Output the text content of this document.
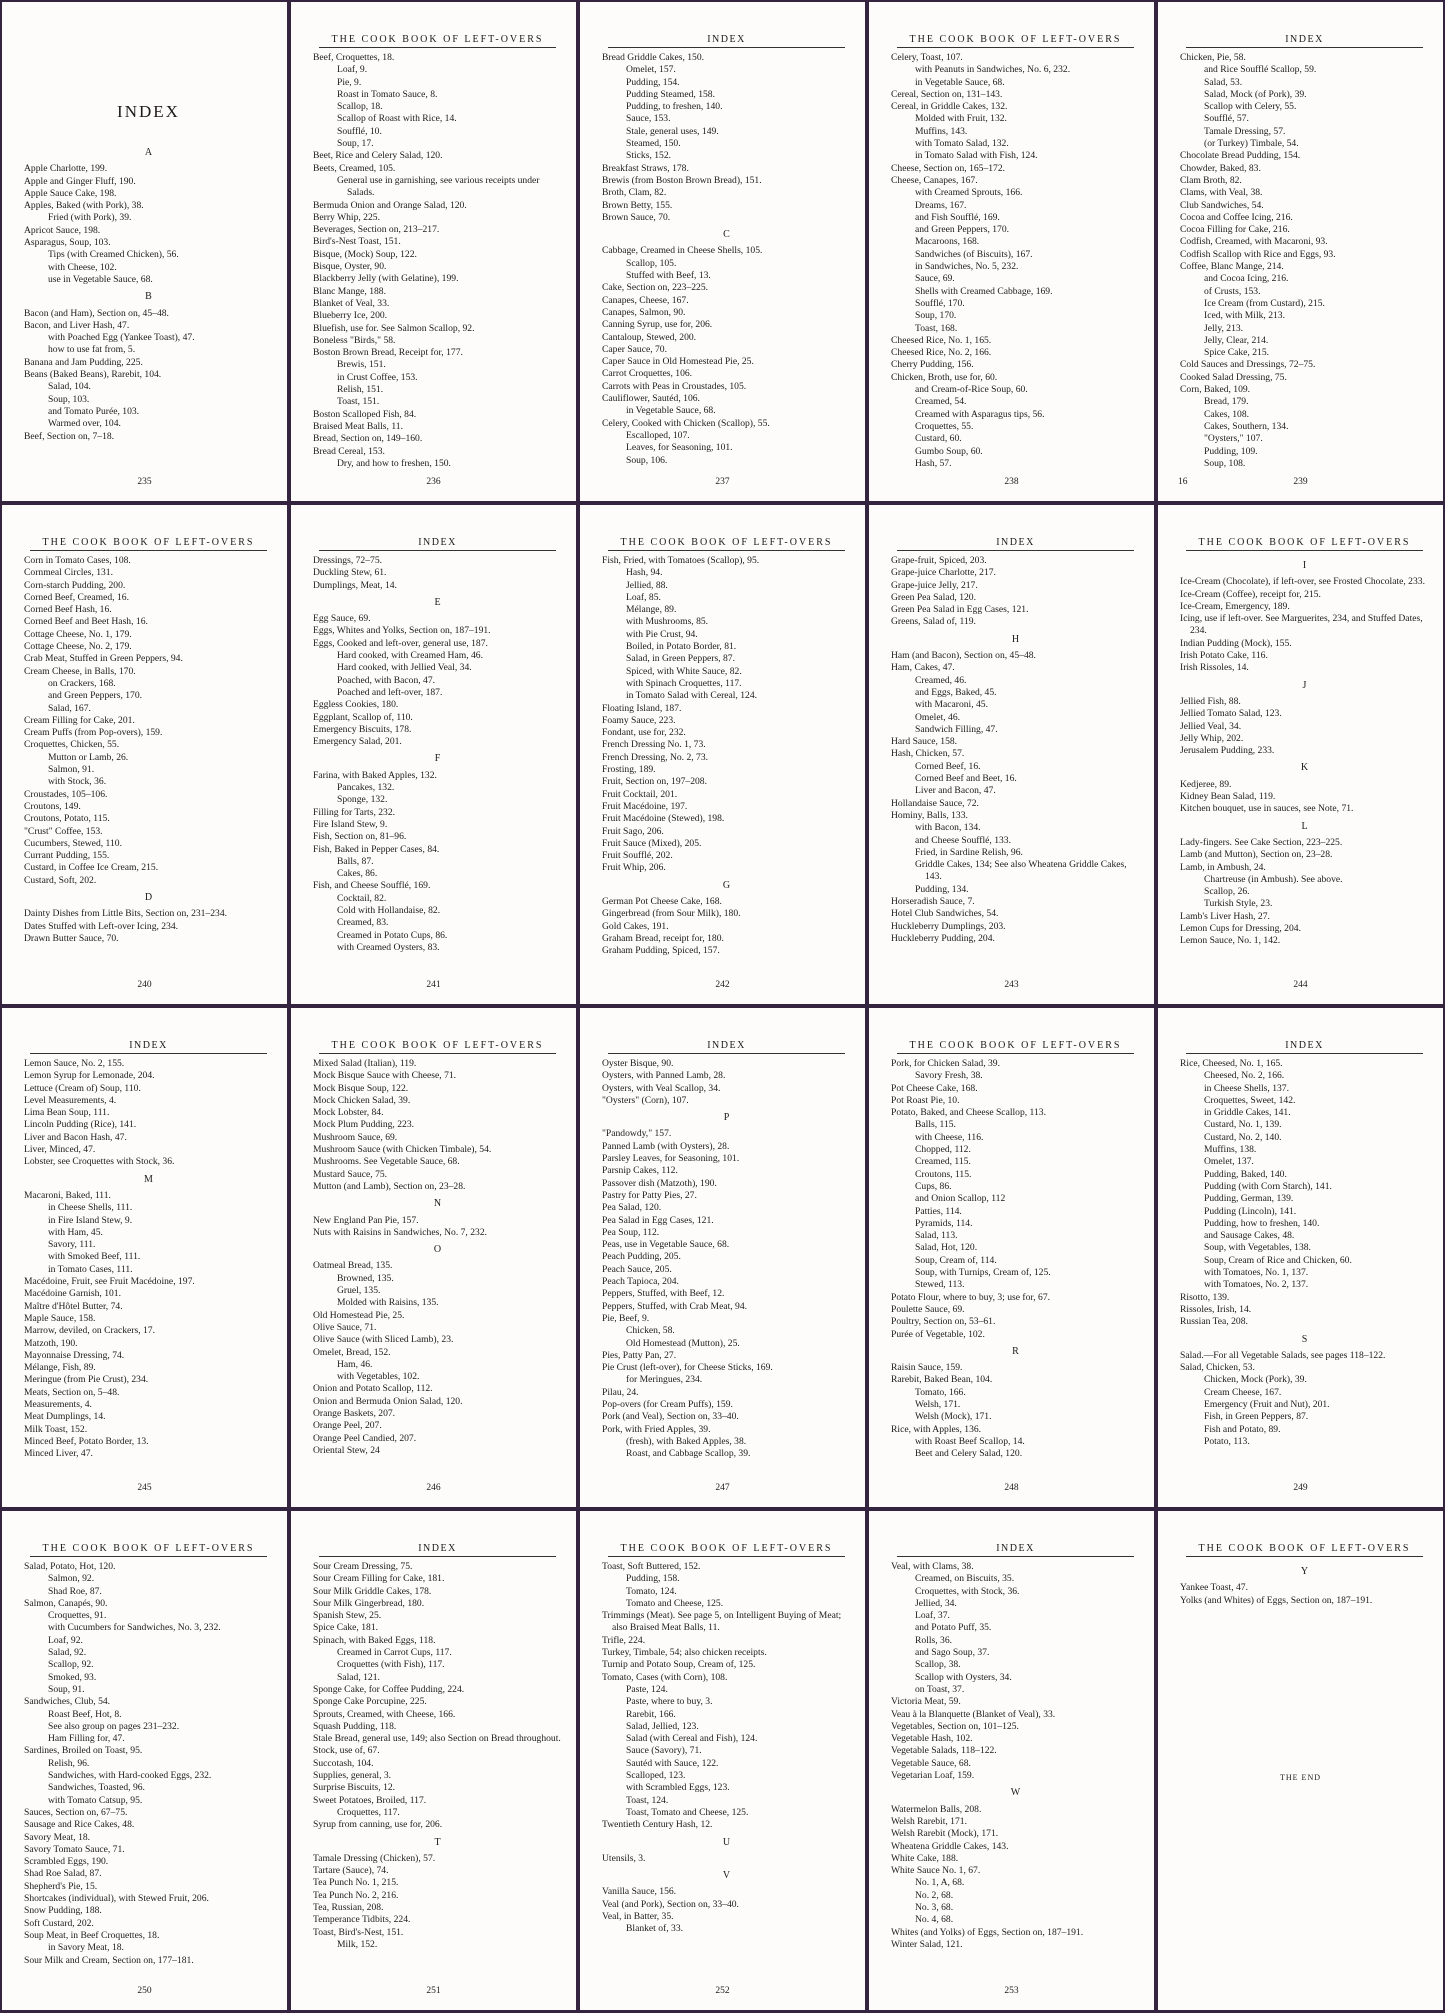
INDEX
A
Apple Charlotte, 199.
Apple and Ginger Fluff, 190.
Apple Sauce Cake, 198.
Apples, Baked (with Pork), 38.
Fried (with Pork), 39.
Apricot Sauce, 198.
Asparagus, Soup, 103.
Tips (with Creamed Chicken), 56.
with Cheese, 102.
use in Vegetable Sauce, 68.
B
Bacon (and Ham), Section on, 45–48.
Bacon, and Liver Hash, 47.
with Poached Egg (Yankee Toast), 47.
how to use fat from, 5.
Banana and Jam Pudding, 225.
Beans (Baked Beans), Rarebit, 104.
Salad, 104.
Soup, 103.
and Tomato Purée, 103.
Warmed over, 104.
Beef, Section on, 7–18.
235
THE COOK BOOK OF LEFT-OVERS
Beef, Croquettes, 18.
Loaf, 9.
Pie, 9.
Roast in Tomato Sauce, 8.
Scallop, 18.
Scallop of Roast with Rice, 14.
Soufflé, 10.
Soup, 17.
Beet, Rice and Celery Salad, 120.
Beets, Creamed, 105.
General use in garnishing, see various receipts under Salads.
Bermuda Onion and Orange Salad, 120.
Berry Whip, 225.
Beverages, Section on, 213–217.
Bird's-Nest Toast, 151.
Bisque, (Mock) Soup, 122.
Bisque, Oyster, 90.
Blackberry Jelly (with Gelatine), 199.
Blanc Mange, 188.
Blanket of Veal, 33.
Blueberry Ice, 200.
Bluefish, use for. See Salmon Scallop, 92.
Boneless "Birds," 58.
Boston Brown Bread, Receipt for, 177.
Brewis, 151.
in Crust Coffee, 153.
Relish, 151.
Toast, 151.
Boston Scalloped Fish, 84.
Braised Meat Balls, 11.
Bread, Section on, 149–160.
Bread Cereal, 153.
Dry, and how to freshen, 150.
236
INDEX
Bread Griddle Cakes, 150.
Omelet, 157.
Pudding, 154.
Pudding Steamed, 158.
Pudding, to freshen, 140.
Sauce, 153.
Stale, general uses, 149.
Steamed, 150.
Sticks, 152.
Breakfast Straws, 178.
Brewis (from Boston Brown Bread), 151.
Broth, Clam, 82.
Brown Betty, 155.
Brown Sauce, 70.
C
Cabbage, Creamed in Cheese Shells, 105.
Scallop, 105.
Stuffed with Beef, 13.
Cake, Section on, 223–225.
Canapes, Cheese, 167.
Canapes, Salmon, 90.
Canning Syrup, use for, 206.
Cantaloup, Stewed, 200.
Caper Sauce, 70.
Caper Sauce in Old Homestead Pie, 25.
Carrot Croquettes, 106.
Carrots with Peas in Croustades, 105.
Cauliflower, Sautéd, 106.
in Vegetable Sauce, 68.
Celery, Cooked with Chicken (Scallop), 55.
Escalloped, 107.
Leaves, for Seasoning, 101.
Soup, 106.
237
THE COOK BOOK OF LEFT-OVERS
Celery, Toast, 107.
with Peanuts in Sandwiches, No. 6, 232.
in Vegetable Sauce, 68.
Cereal, Section on, 131–143.
Cereal, in Griddle Cakes, 132.
Molded with Fruit, 132.
Muffins, 143.
with Tomato Salad, 132.
in Tomato Salad with Fish, 124.
Cheese, Section on, 165–172.
Cheese, Canapes, 167.
with Creamed Sprouts, 166.
Dreams, 167.
and Fish Soufflé, 169.
and Green Peppers, 170.
Macaroons, 168.
Sandwiches (of Biscuits), 167.
in Sandwiches, No. 5, 232.
Sauce, 69.
Shells with Creamed Cabbage, 169.
Soufflé, 170.
Soup, 170.
Toast, 168.
Cheesed Rice, No. 1, 165.
Cheesed Rice, No. 2, 166.
Cherry Pudding, 156.
Chicken, Broth, use for, 60.
and Cream-of-Rice Soup, 60.
Creamed, 54.
Creamed with Asparagus tips, 56.
Croquettes, 55.
Custard, 60.
Gumbo Soup, 60.
Hash, 57.
238
INDEX
Chicken, Pie, 58.
and Rice Soufflé Scallop, 59.
Salad, 53.
Salad, Mock (of Pork), 39.
Scallop with Celery, 55.
Soufflé, 57.
Tamale Dressing, 57.
(or Turkey) Timbale, 54.
Chocolate Bread Pudding, 154.
Chowder, Baked, 83.
Clam Broth, 82.
Clams, with Veal, 38.
Club Sandwiches, 54.
Cocoa and Coffee Icing, 216.
Cocoa Filling for Cake, 216.
Codfish, Creamed, with Macaroni, 93.
Codfish Scallop with Rice and Eggs, 93.
Coffee, Blanc Mange, 214.
and Cocoa Icing, 216.
of Crusts, 153.
Ice Cream (from Custard), 215.
Iced, with Milk, 213.
Jelly, 213.
Jelly, Clear, 214.
Spice Cake, 215.
Cold Sauces and Dressings, 72–75.
Cooked Salad Dressing, 75.
Corn, Baked, 109.
Bread, 179.
Cakes, 108.
Cakes, Southern, 134.
"Oysters," 107.
Pudding, 109.
Soup, 108.
239
16
THE COOK BOOK OF LEFT-OVERS
Corn in Tomato Cases, 108.
Cornmeal Circles, 131.
Corn-starch Pudding, 200.
Corned Beef, Creamed, 16.
Corned Beef Hash, 16.
Corned Beef and Beet Hash, 16.
Cottage Cheese, No. 1, 179.
Cottage Cheese, No. 2, 179.
Crab Meat, Stuffed in Green Peppers, 94.
Cream Cheese, in Balls, 170.
on Crackers, 168.
and Green Peppers, 170.
Salad, 167.
Cream Filling for Cake, 201.
Cream Puffs (from Pop-overs), 159.
Croquettes, Chicken, 55.
Mutton or Lamb, 26.
Salmon, 91.
with Stock, 36.
Croustades, 105–106.
Croutons, 149.
Croutons, Potato, 115.
"Crust" Coffee, 153.
Cucumbers, Stewed, 110.
Currant Pudding, 155.
Custard, in Coffee Ice Cream, 215.
Custard, Soft, 202.
D
Dainty Dishes from Little Bits, Section on, 231–234.
Dates Stuffed with Left-over Icing, 234.
Drawn Butter Sauce, 70.
240
INDEX
Dressings, 72–75.
Duckling Stew, 61.
Dumplings, Meat, 14.
E
Egg Sauce, 69.
Eggs, Whites and Yolks, Section on, 187–191.
Eggs, Cooked and left-over, general use, 187.
Hard cooked, with Creamed Ham, 46.
Hard cooked, with Jellied Veal, 34.
Poached, with Bacon, 47.
Poached and left-over, 187.
Eggless Cookies, 180.
Eggplant, Scallop of, 110.
Emergency Biscuits, 178.
Emergency Salad, 201.
F
Farina, with Baked Apples, 132.
Pancakes, 132.
Sponge, 132.
Filling for Tarts, 232.
Fire Island Stew, 9.
Fish, Section on, 81–96.
Fish, Baked in Pepper Cases, 84.
Balls, 87.
Cakes, 86.
Fish, and Cheese Soufflé, 169.
Cocktail, 82.
Cold with Hollandaise, 82.
Creamed, 83.
Creamed in Potato Cups, 86.
with Creamed Oysters, 83.
241
THE COOK BOOK OF LEFT-OVERS
Fish, Fried, with Tomatoes (Scallop), 95.
Hash, 94.
Jellied, 88.
Loaf, 85.
Mélange, 89.
with Mushrooms, 85.
with Pie Crust, 94.
Boiled, in Potato Border, 81.
Salad, in Green Peppers, 87.
Spiced, with White Sauce, 82.
with Spinach Croquettes, 117.
in Tomato Salad with Cereal, 124.
Floating Island, 187.
Foamy Sauce, 223.
Fondant, use for, 232.
French Dressing No. 1, 73.
French Dressing, No. 2, 73.
Frosting, 189.
Fruit, Section on, 197–208.
Fruit Cocktail, 201.
Fruit Macédoine, 197.
Fruit Macédoine (Stewed), 198.
Fruit Sago, 206.
Fruit Sauce (Mixed), 205.
Fruit Soufflé, 202.
Fruit Whip, 206.
G
German Pot Cheese Cake, 168.
Gingerbread (from Sour Milk), 180.
Gold Cakes, 191.
Graham Bread, receipt for, 180.
Graham Pudding, Spiced, 157.
242
INDEX
Grape-fruit, Spiced, 203.
Grape-juice Charlotte, 217.
Grape-juice Jelly, 217.
Green Pea Salad, 120.
Green Pea Salad in Egg Cases, 121.
Greens, Salad of, 119.
H
Ham (and Bacon), Section on, 45–48.
Ham, Cakes, 47.
Creamed, 46.
and Eggs, Baked, 45.
with Macaroni, 45.
Omelet, 46.
Sandwich Filling, 47.
Hard Sauce, 158.
Hash, Chicken, 57.
Corned Beef, 16.
Corned Beef and Beet, 16.
Liver and Bacon, 47.
Hollandaise Sauce, 72.
Hominy, Balls, 133.
with Bacon, 134.
and Cheese Soufflé, 133.
Fried, in Sardine Relish, 96.
Griddle Cakes, 134; See also Wheatena Griddle Cakes, 143.
Pudding, 134.
Horseradish Sauce, 7.
Hotel Club Sandwiches, 54.
Huckleberry Dumplings, 203.
Huckleberry Pudding, 204.
243
THE COOK BOOK OF LEFT-OVERS
I
Ice-Cream (Chocolate), if left-over, see Frosted Chocolate, 233.
Ice-Cream (Coffee), receipt for, 215.
Ice-Cream, Emergency, 189.
Icing, use if left-over. See Marguerites, 234, and Stuffed Dates, 234.
Indian Pudding (Mock), 155.
Irish Potato Cake, 116.
Irish Rissoles, 14.
J
Jellied Fish, 88.
Jellied Tomato Salad, 123.
Jellied Veal, 34.
Jelly Whip, 202.
Jerusalem Pudding, 233.
K
Kedjeree, 89.
Kidney Bean Salad, 119.
Kitchen bouquet, use in sauces, see Note, 71.
L
Lady-fingers. See Cake Section, 223–225.
Lamb (and Mutton), Section on, 23–28.
Lamb, in Ambush, 24.
Chartreuse (in Ambush). See above.
Scallop, 26.
Turkish Style, 23.
Lamb's Liver Hash, 27.
Lemon Cups for Dressing, 204.
Lemon Sauce, No. 1, 142.
244
INDEX
Lemon Sauce, No. 2, 155.
Lemon Syrup for Lemonade, 204.
Lettuce (Cream of) Soup, 110.
Level Measurements, 4.
Lima Bean Soup, 111.
Lincoln Pudding (Rice), 141.
Liver and Bacon Hash, 47.
Liver, Minced, 47.
Lobster, see Croquettes with Stock, 36.
M
Macaroni, Baked, 111.
in Cheese Shells, 111.
in Fire Island Stew, 9.
with Ham, 45.
Savory, 111.
with Smoked Beef, 111.
in Tomato Cases, 111.
Macédoine, Fruit, see Fruit Macédoine, 197.
Macédoine Garnish, 101.
Maître d'Hôtel Butter, 74.
Maple Sauce, 158.
Marrow, deviled, on Crackers, 17.
Matzoth, 190.
Mayonnaise Dressing, 74.
Mélange, Fish, 89.
Meringue (from Pie Crust), 234.
Meats, Section on, 5–48.
Measurements, 4.
Meat Dumplings, 14.
Milk Toast, 152.
Minced Beef, Potato Border, 13.
Minced Liver, 47.
245
THE COOK BOOK OF LEFT-OVERS
Mixed Salad (Italian), 119.
Mock Bisque Sauce with Cheese, 71.
Mock Bisque Soup, 122.
Mock Chicken Salad, 39.
Mock Lobster, 84.
Mock Plum Pudding, 223.
Mushroom Sauce, 69.
Mushroom Sauce (with Chicken Timbale), 54.
Mushrooms. See Vegetable Sauce, 68.
Mustard Sauce, 75.
Mutton (and Lamb), Section on, 23–28.
N
New England Pan Pie, 157.
Nuts with Raisins in Sandwiches, No. 7, 232.
O
Oatmeal Bread, 135.
Browned, 135.
Gruel, 135.
Molded with Raisins, 135.
Old Homestead Pie, 25.
Olive Sauce, 71.
Olive Sauce (with Sliced Lamb), 23.
Omelet, Bread, 152.
Ham, 46.
with Vegetables, 102.
Onion and Potato Scallop, 112.
Onion and Bermuda Onion Salad, 120.
Orange Baskets, 207.
Orange Peel, 207.
Orange Peel Candied, 207.
Oriental Stew, 24
246
INDEX
Oyster Bisque, 90.
Oysters, with Panned Lamb, 28.
Oysters, with Veal Scallop, 34.
"Oysters" (Corn), 107.
P
"Pandowdy," 157.
Panned Lamb (with Oysters), 28.
Parsley Leaves, for Seasoning, 101.
Parsnip Cakes, 112.
Passover dish (Matzoth), 190.
Pastry for Patty Pies, 27.
Pea Salad, 120.
Pea Salad in Egg Cases, 121.
Pea Soup, 112.
Peas, use in Vegetable Sauce, 68.
Peach Pudding, 205.
Peach Sauce, 205.
Peach Tapioca, 204.
Peppers, Stuffed, with Beef, 12.
Peppers, Stuffed, with Crab Meat, 94.
Pie, Beef, 9.
Chicken, 58.
Old Homestead (Mutton), 25.
Pies, Patty Pan, 27.
Pie Crust (left-over), for Cheese Sticks, 169.
for Meringues, 234.
Pilau, 24.
Pop-overs (for Cream Puffs), 159.
Pork (and Veal), Section on, 33–40.
Pork, with Fried Apples, 39.
(fresh), with Baked Apples, 38.
Roast, and Cabbage Scallop, 39.
247
THE COOK BOOK OF LEFT-OVERS
Pork, for Chicken Salad, 39.
Savory Fresh, 38.
Pot Cheese Cake, 168.
Pot Roast Pie, 10.
Potato, Baked, and Cheese Scallop, 113.
Balls, 115.
with Cheese, 116.
Chopped, 112.
Creamed, 115.
Croutons, 115.
Cups, 86.
and Onion Scallop, 112
Patties, 114.
Pyramids, 114.
Salad, 113.
Salad, Hot, 120.
Soup, Cream of, 114.
Soup, with Turnips, Cream of, 125.
Stewed, 113.
Potato Flour, where to buy, 3; use for, 67.
Poulette Sauce, 69.
Poultry, Section on, 53–61.
Purée of Vegetable, 102.
R
Raisin Sauce, 159.
Rarebit, Baked Bean, 104.
Tomato, 166.
Welsh, 171.
Welsh (Mock), 171.
Rice, with Apples, 136.
with Roast Beef Scallop, 14.
Beet and Celery Salad, 120.
248
INDEX
Rice, Cheesed, No. 1, 165.
Cheesed, No. 2, 166.
in Cheese Shells, 137.
Croquettes, Sweet, 142.
in Griddle Cakes, 141.
Custard, No. 1, 139.
Custard, No. 2, 140.
Muffins, 138.
Omelet, 137.
Pudding, Baked, 140.
Pudding (with Corn Starch), 141.
Pudding, German, 139.
Pudding (Lincoln), 141.
Pudding, how to freshen, 140.
and Sausage Cakes, 48.
Soup, with Vegetables, 138.
Soup, Cream of Rice and Chicken, 60.
with Tomatoes, No. 1, 137.
with Tomatoes, No. 2, 137.
Risotto, 139.
Rissoles, Irish, 14.
Russian Tea, 208.
S
Salad.—For all Vegetable Salads, see pages 118–122.
Salad, Chicken, 53.
Chicken, Mock (Pork), 39.
Cream Cheese, 167.
Emergency (Fruit and Nut), 201.
Fish, in Green Peppers, 87.
Fish and Potato, 89.
Potato, 113.
249
THE COOK BOOK OF LEFT-OVERS
Salad, Potato, Hot, 120.
Salmon, 92.
Shad Roe, 87.
Salmon, Canapés, 90.
Croquettes, 91.
with Cucumbers for Sandwiches, No. 3, 232.
Loaf, 92.
Salad, 92.
Scallop, 92.
Smoked, 93.
Soup, 91.
Sandwiches, Club, 54.
Roast Beef, Hot, 8.
See also group on pages 231–232.
Ham Filling for, 47.
Sardines, Broiled on Toast, 95.
Relish, 96.
Sandwiches, with Hard-cooked Eggs, 232.
Sandwiches, Toasted, 96.
with Tomato Catsup, 95.
Sauces, Section on, 67–75.
Sausage and Rice Cakes, 48.
Savory Meat, 18.
Savory Tomato Sauce, 71.
Scrambled Eggs, 190.
Shad Roe Salad, 87.
Shepherd's Pie, 15.
Shortcakes (individual), with Stewed Fruit, 206.
Snow Pudding, 188.
Soft Custard, 202.
Soup Meat, in Beef Croquettes, 18.
in Savory Meat, 18.
Sour Milk and Cream, Section on, 177–181.
250
INDEX
Sour Cream Dressing, 75.
Sour Cream Filling for Cake, 181.
Sour Milk Griddle Cakes, 178.
Sour Milk Gingerbread, 180.
Spanish Stew, 25.
Spice Cake, 181.
Spinach, with Baked Eggs, 118.
Creamed in Carrot Cups, 117.
Croquettes (with Fish), 117.
Salad, 121.
Sponge Cake, for Coffee Pudding, 224.
Sponge Cake Porcupine, 225.
Sprouts, Creamed, with Cheese, 166.
Squash Pudding, 118.
Stale Bread, general use, 149; also Section on Bread throughout.
Stock, use of, 67.
Succotash, 104.
Supplies, general, 3.
Surprise Biscuits, 12.
Sweet Potatoes, Broiled, 117.
Croquettes, 117.
Syrup from canning, use for, 206.
T
Tamale Dressing (Chicken), 57.
Tartare (Sauce), 74.
Tea Punch No. 1, 215.
Tea Punch No. 2, 216.
Tea, Russian, 208.
Temperance Tidbits, 224.
Toast, Bird's-Nest, 151.
Milk, 152.
251
THE COOK BOOK OF LEFT-OVERS
Toast, Soft Buttered, 152.
Pudding, 158.
Tomato, 124.
Tomato and Cheese, 125.
Trimmings (Meat). See page 5, on Intelligent Buying of Meat; also Braised Meat Balls, 11.
Trifle, 224.
Turkey, Timbale, 54; also chicken receipts.
Turnip and Potato Soup, Cream of, 125.
Tomato, Cases (with Corn), 108.
Paste, 124.
Paste, where to buy, 3.
Rarebit, 166.
Salad, Jellied, 123.
Salad (with Cereal and Fish), 124.
Sauce (Savory), 71.
Sautéd with Sauce, 122.
Scalloped, 123.
with Scrambled Eggs, 123.
Toast, 124.
Toast, Tomato and Cheese, 125.
Twentieth Century Hash, 12.
U
Utensils, 3.
V
Vanilla Sauce, 156.
Veal (and Pork), Section on, 33–40.
Veal, in Batter, 35.
Blanket of, 33.
252
INDEX
Veal, with Clams, 38.
Creamed, on Biscuits, 35.
Croquettes, with Stock, 36.
Jellied, 34.
Loaf, 37.
and Potato Puff, 35.
Rolls, 36.
and Sago Soup, 37.
Scallop, 38.
Scallop with Oysters, 34.
on Toast, 37.
Victoria Meat, 59.
Veau à la Blanquette (Blanket of Veal), 33.
Vegetables, Section on, 101–125.
Vegetable Hash, 102.
Vegetable Salads, 118–122.
Vegetable Sauce, 68.
Vegetarian Loaf, 159.
W
Watermelon Balls, 208.
Welsh Rarebit, 171.
Welsh Rarebit (Mock), 171.
Wheatena Griddle Cakes, 143.
White Cake, 188.
White Sauce No. 1, 67.
No. 1, A, 68.
No. 2, 68.
No. 3, 68.
No. 4, 68.
Whites (and Yolks) of Eggs, Section on, 187–191.
Winter Salad, 121.
253
THE COOK BOOK OF LEFT-OVERS
Y
Yankee Toast, 47.
Yolks (and Whites) of Eggs, Section on, 187–191.
THE END
